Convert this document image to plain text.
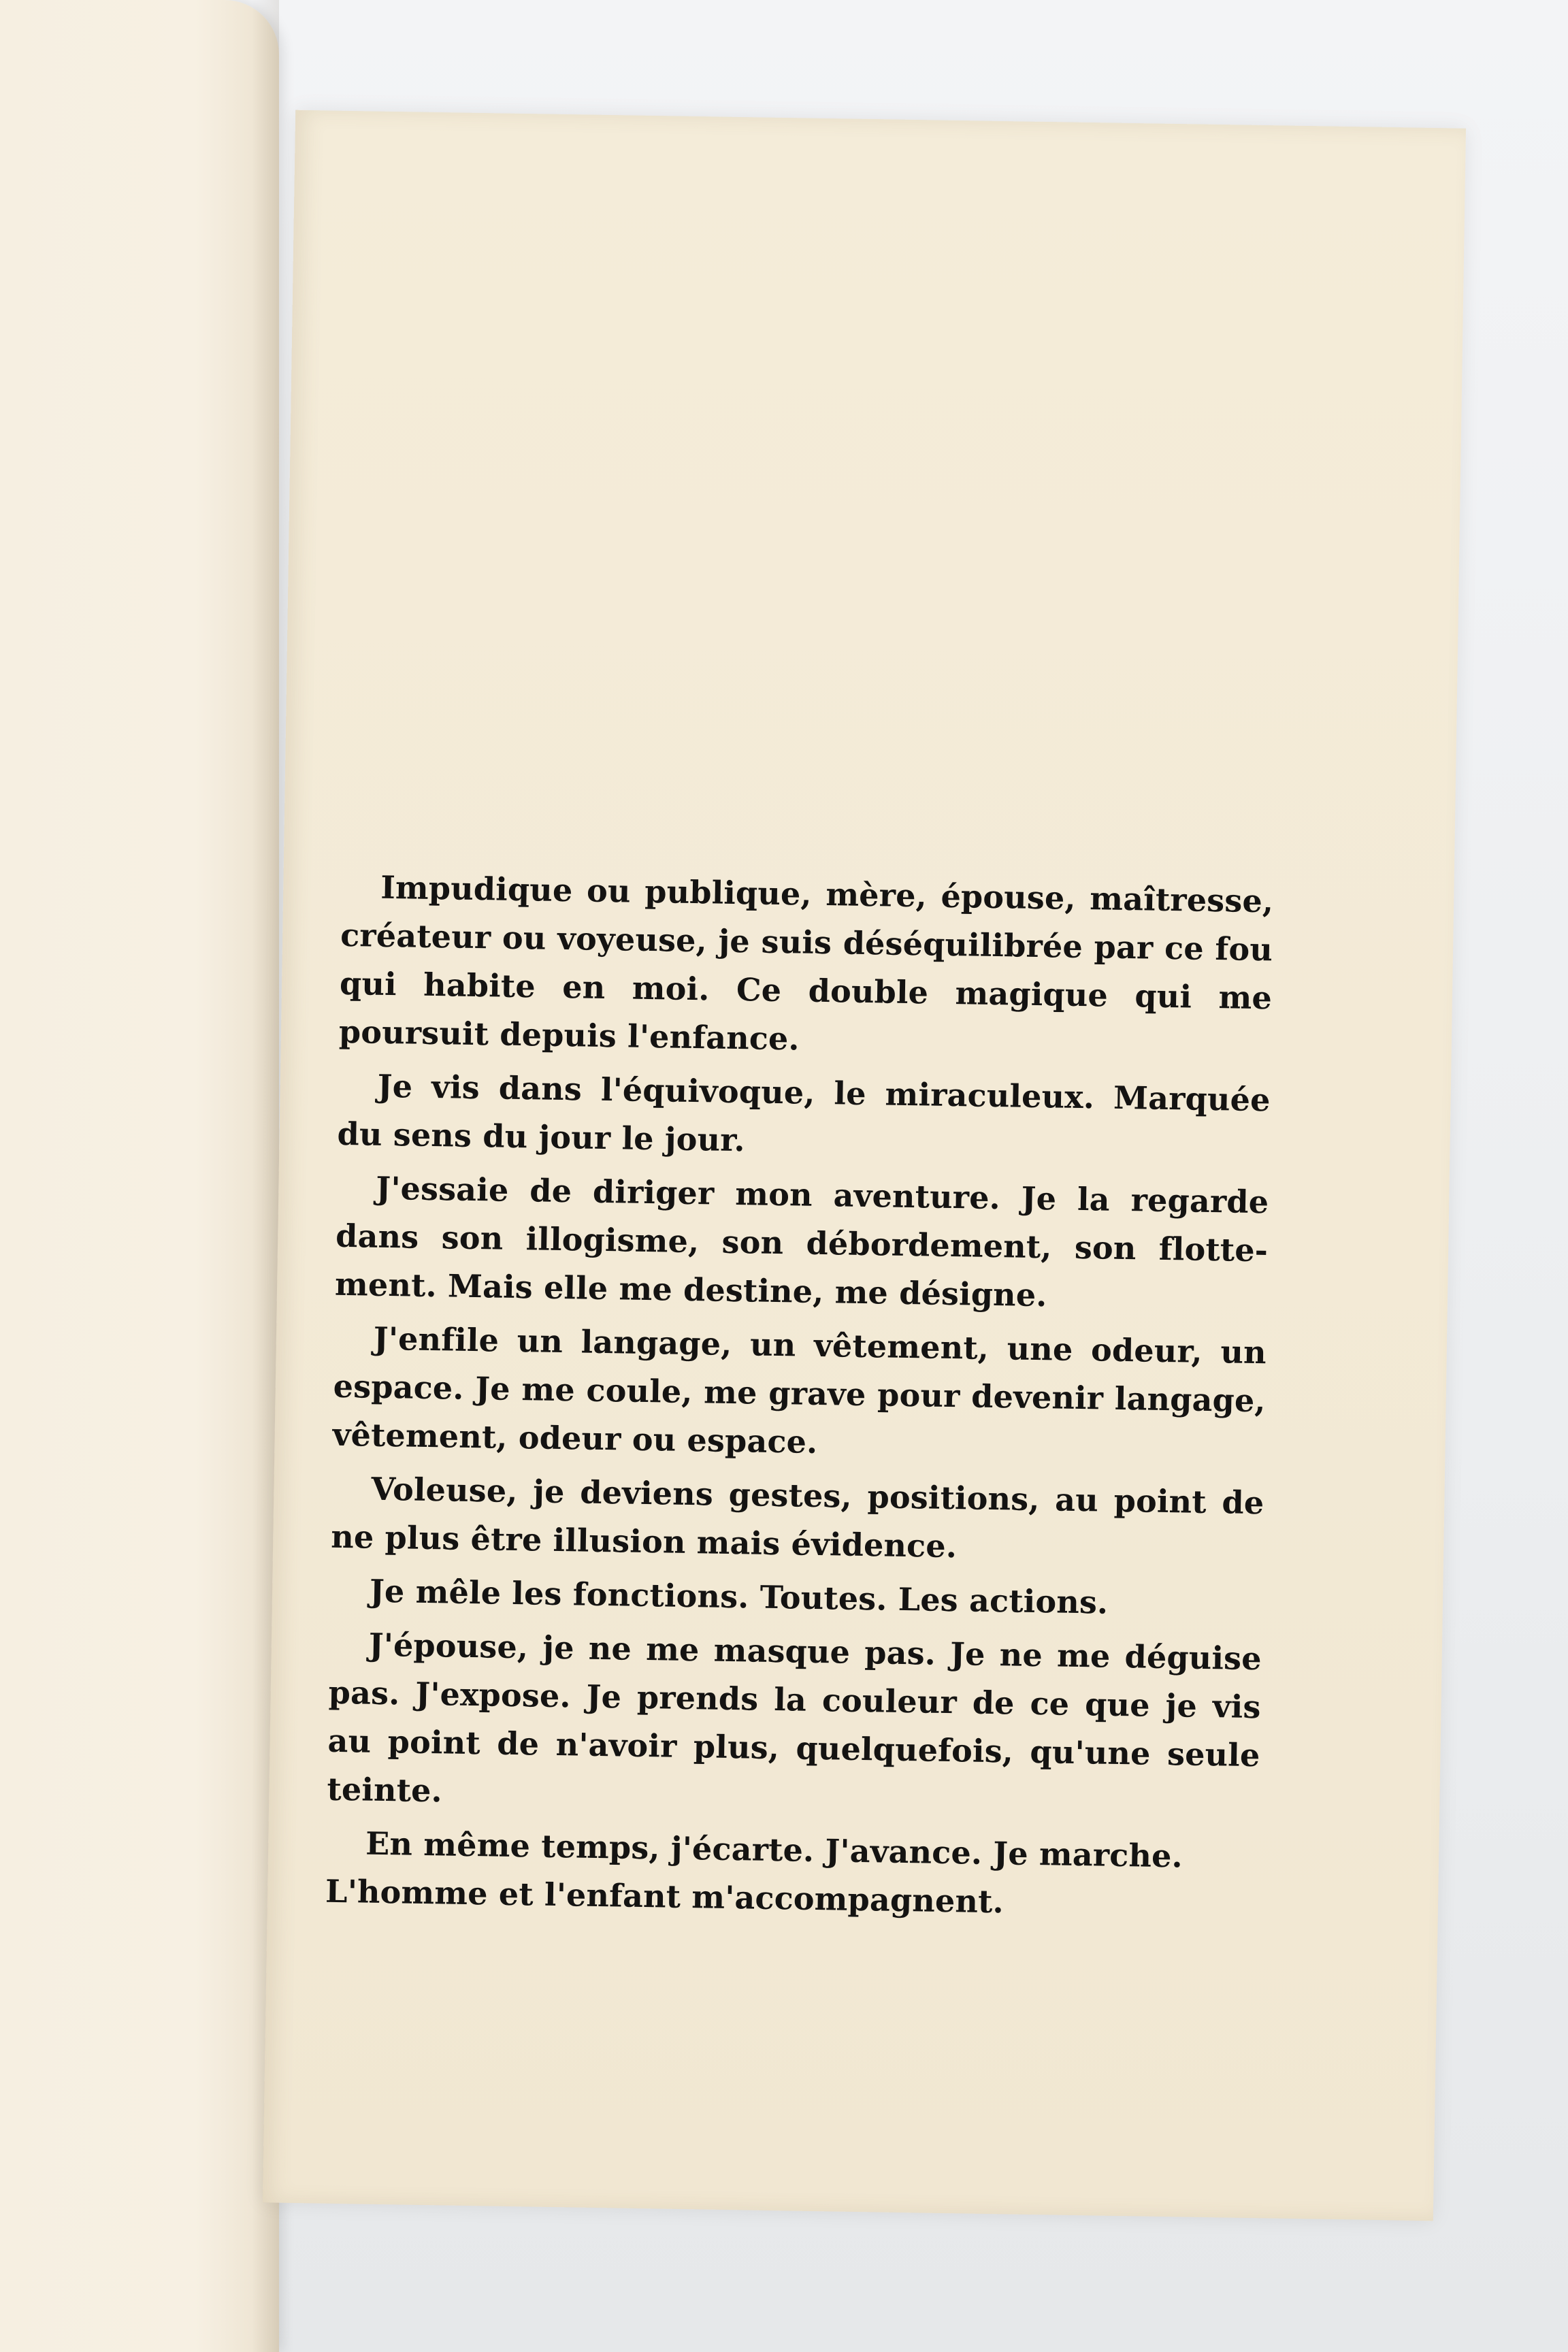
Impudique ou publique, mère, épouse, maîtresse, créateur ou voyeuse, je suis déséquilibrée par ce fou qui habite en moi. Ce double magique qui me poursuit depuis l'enfance.

Je vis dans l'équivoque, le miraculeux. Marquée du sens du jour le jour.

J'essaie de diriger mon aventure. Je la regarde dans son illogisme, son débordement, son flotte-ment. Mais elle me destine, me désigne.

J'enfile un langage, un vêtement, une odeur, un espace. Je me coule, me grave pour devenir langage, vêtement, odeur ou espace.

Voleuse, je deviens gestes, positions, au point de ne plus être illusion mais évidence.

Je mêle les fonctions. Toutes. Les actions.

J'épouse, je ne me masque pas. Je ne me déguise pas. J'expose. Je prends la couleur de ce que je vis au point de n'avoir plus, quelquefois, qu'une seule teinte.

En même temps, j'écarte. J'avance. Je marche. L'homme et l'enfant m'accompagnent.
